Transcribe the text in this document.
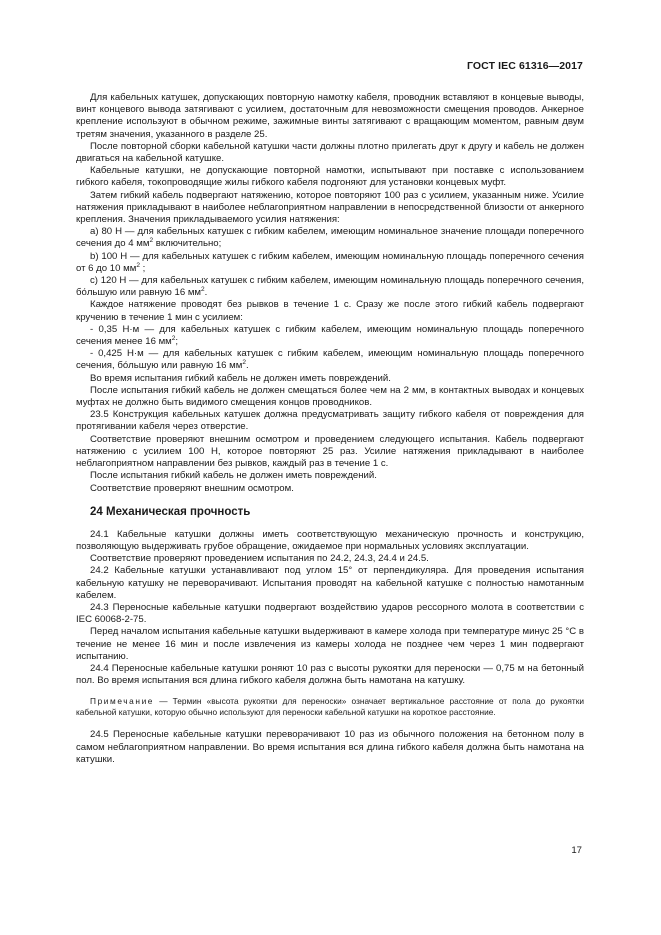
ГОСТ IEC 61316—2017

Для кабельных катушек, допускающих повторную намотку кабеля, проводник вставляют в концевые выводы, винт концевого вывода затягивают с усилием, достаточным для невозможности смещения проводов. Анкерное крепление используют в обычном режиме, зажимные винты затягивают с вращающим моментом, равным двум третям значения, указанного в разделе 25.

После повторной сборки кабельной катушки части должны плотно прилегать друг к другу и кабель не должен двигаться на кабельной катушке.

Кабельные катушки, не допускающие повторной намотки, испытывают при поставке с использованием гибкого кабеля, токопроводящие жилы гибкого кабеля подгоняют для установки концевых муфт.

Затем гибкий кабель подвергают натяжению, которое повторяют 100 раз с усилием, указанным ниже. Усилие натяжения прикладывают в наиболее неблагоприятном направлении в непосредственной близости от анкерного крепления. Значения прикладываемого усилия натяжения:

а) 80 Н — для кабельных катушек с гибким кабелем, имеющим номинальное значение площади поперечного сечения до 4 $мм^2$ включительно;

b) 100 Н — для кабельных катушек с гибким кабелем, имеющим номинальную площадь поперечного сечения от 6 до 10 $мм^2$ ;

с) 120 Н — для кабельных катушек с гибким кабелем, имеющим номинальную площадь поперечного сечения, бо́льшую или равную 16 $мм^2$.

Каждое натяжение проводят без рывков в течение 1 с. Сразу же после этого гибкий кабель подвергают кручению в течение 1 мин с усилием:

- 0,35 Н·м — для кабельных катушек с гибким кабелем, имеющим номинальную площадь поперечного сечения менее 16 $мм^2$;

- 0,425 Н·м — для кабельных катушек с гибким кабелем, имеющим номинальную площадь поперечного сечения, бо́льшую или равную 16 $мм^2$.

Во время испытания гибкий кабель не должен иметь повреждений.

После испытания гибкий кабель не должен смещаться более чем на 2 мм, в контактных выводах и концевых муфтах не должно быть видимого смещения концов проводников.

23.5 Конструкция кабельных катушек должна предусматривать защиту гибкого кабеля от повреждения для протягивании кабеля через отверстие.

Соответствие проверяют внешним осмотром и проведением следующего испытания. Кабель подвергают натяжению с усилием 100 Н, которое повторяют 25 раз. Усилие натяжения прикладывают в наиболее неблагоприятном направлении без рывков, каждый раз в течение 1 с.

После испытания гибкий кабель не должен иметь повреждений.

Соответствие проверяют внешним осмотром.

24 Механическая прочность

24.1 Кабельные катушки должны иметь соответствующую механическую прочность и конструкцию, позволяющую выдерживать грубое обращение, ожидаемое при нормальных условиях эксплуатации.

Соответствие проверяют проведением испытания по 24.2, 24.3, 24.4 и 24.5.

24.2 Кабельные катушки устанавливают под углом 15° от перпендикуляра. Для проведения испытания кабельную катушку не переворачивают. Испытания проводят на кабельной катушке с полностью намотанным кабелем.

24.3 Переносные кабельные катушки подвергают воздействию ударов рессорного молота в соответствии с IEC 60068-2-75.

Перед началом испытания кабельные катушки выдерживают в камере холода при температуре минус 25 °С в течение не менее 16 мин и после извлечения из камеры холода не позднее чем через 1 мин подвергают испытанию.

24.4 Переносные кабельные катушки роняют 10 раз с высоты рукоятки для переноски — 0,75 м на бетонный пол. Во время испытания вся длина гибкого кабеля должна быть намотана на катушку.

Примечание — Термин «высота рукоятки для переноски» означает вертикальное расстояние от пола до рукоятки кабельной катушки, которую обычно используют для переноски кабельной катушки на короткое расстояние.

24.5 Переносные кабельные катушки переворачивают 10 раз из обычного положения на бетонном полу в самом неблагоприятном направлении. Во время испытания вся длина гибкого кабеля должна быть намотана на катушки.

17
